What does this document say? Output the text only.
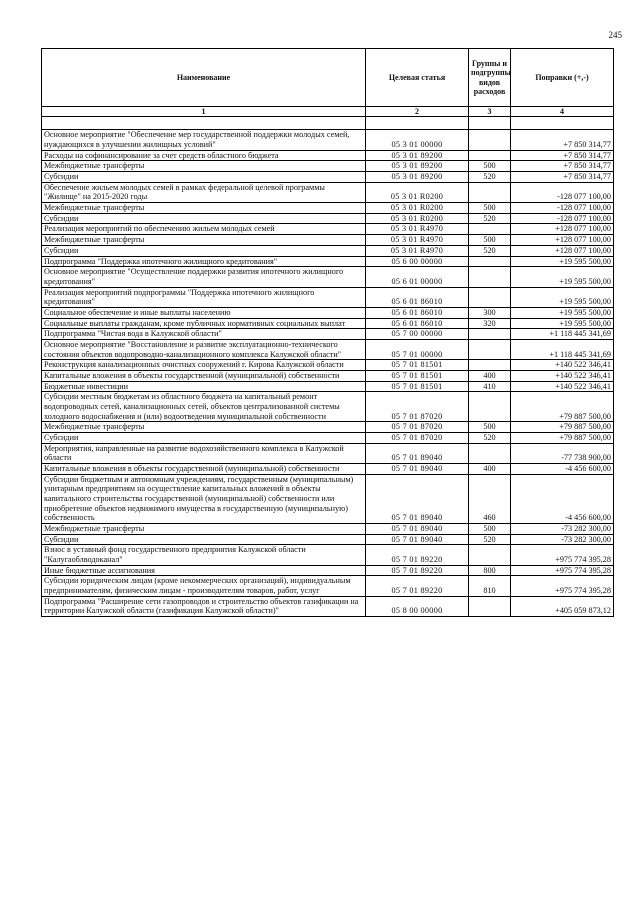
245
Наименование	Целевая статья	Группы и подгруппы видов расходов	Поправки (+,-)
1	2	3	4

Основное мероприятие "Обеспечение мер государственной поддержки молодых семей, нуждающихся в улучшении жилищных условий"	05 3 01 00000		+7 850 314,77
Расходы на софинансирование за счет средств областного бюджета	05 3 01 89200		+7 850 314,77
Межбюджетные трансферты	05 3 01 89200	500	+7 850 314,77
Субсидии	05 3 01 89200	520	+7 850 314,77
Обеспечение жильем молодых семей в рамках федеральной целевой программы "Жилище" на 2015-2020 годы	05 3 01 R0200		-128 077 100,00
Межбюджетные трансферты	05 3 01 R0200	500	-128 077 100,00
Субсидии	05 3 01 R0200	520	-128 077 100,00
Реализация мероприятий по обеспечению жильем молодых семей	05 3 01 R4970		+128 077 100,00
Межбюджетные трансферты	05 3 01 R4970	500	+128 077 100,00
Субсидии	05 3 01 R4970	520	+128 077 100,00
Подпрограмма "Поддержка ипотечного жилищного кредитования"	05 6 00 00000		+19 595 500,00
Основное мероприятие "Осуществление поддержки развития ипотечного жилищного кредитования"	05 6 01 00000		+19 595 500,00
Реализация мероприятий подпрограммы "Поддержка ипотечного жилищного кредитования"	05 6 01 86010		+19 595 500,00
Социальное обеспечение и иные выплаты населению	05 6 01 86010	300	+19 595 500,00
Социальные выплаты гражданам, кроме публичных нормативных социальных выплат	05 6 01 86010	320	+19 595 500,00
Подпрограмма "Чистая вода в Калужской области"	05 7 00 00000		+1 118 445 341,69
Основное мероприятие "Восстановление и развитие эксплуатационно-технического состояния объектов водопроводно-канализационного комплекса Калужской области"	05 7 01 00000		+1 118 445 341,69
Реконструкция канализационных очистных сооружений г. Кирова Калужской области	05 7 01 81501		+140 522 346,41
Капитальные вложения в объекты государственной (муниципальной) собственности	05 7 01 81501	400	+140 522 346,41
Бюджетные инвестиции	05 7 01 81501	410	+140 522 346,41
Субсидии местным бюджетам из областного бюджета на капитальный ремонт водопроводных сетей, канализационных сетей, объектов централизованной системы холодного водоснабжения и (или) водоотведения муниципальной собственности	05 7 01 87020		+79 887 500,00
Межбюджетные трансферты	05 7 01 87020	500	+79 887 500,00
Субсидии	05 7 01 87020	520	+79 887 500,00
Мероприятия, направленные на развитие водохозяйственного комплекса в Калужской области	05 7 01 89040		-77 738 900,00
Капитальные вложения в объекты государственной (муниципальной) собственности	05 7 01 89040	400	-4 456 600,00
Субсидии бюджетным и автономным учреждениям, государственным (муниципальным) унитарным предприятиям на осуществление капитальных вложений в объекты капитального строительства государственной (муниципальной) собственности или приобретение объектов недвижимого имущества в государственную (муниципальную) собственность	05 7 01 89040	460	-4 456 600,00
Межбюджетные трансферты	05 7 01 89040	500	-73 282 300,00
Субсидии	05 7 01 89040	520	-73 282 300,00
Взнос в уставный фонд государственного предприятия Калужской области "Калугаоблводоканал"	05 7 01 89220		+975 774 395,28
Иные бюджетные ассигнования	05 7 01 89220	800	+975 774 395,28
Субсидии юридическим лицам (кроме некоммерческих организаций), индивидуальным предпринимателям, физическим лицам - производителям товаров, работ, услуг	05 7 01 89220	810	+975 774 395,28
Подпрограмма "Расширение сети газопроводов и строительство объектов газификации на территории Калужской области (газификация Калужской области)"	05 8 00 00000		+405 059 873,12
